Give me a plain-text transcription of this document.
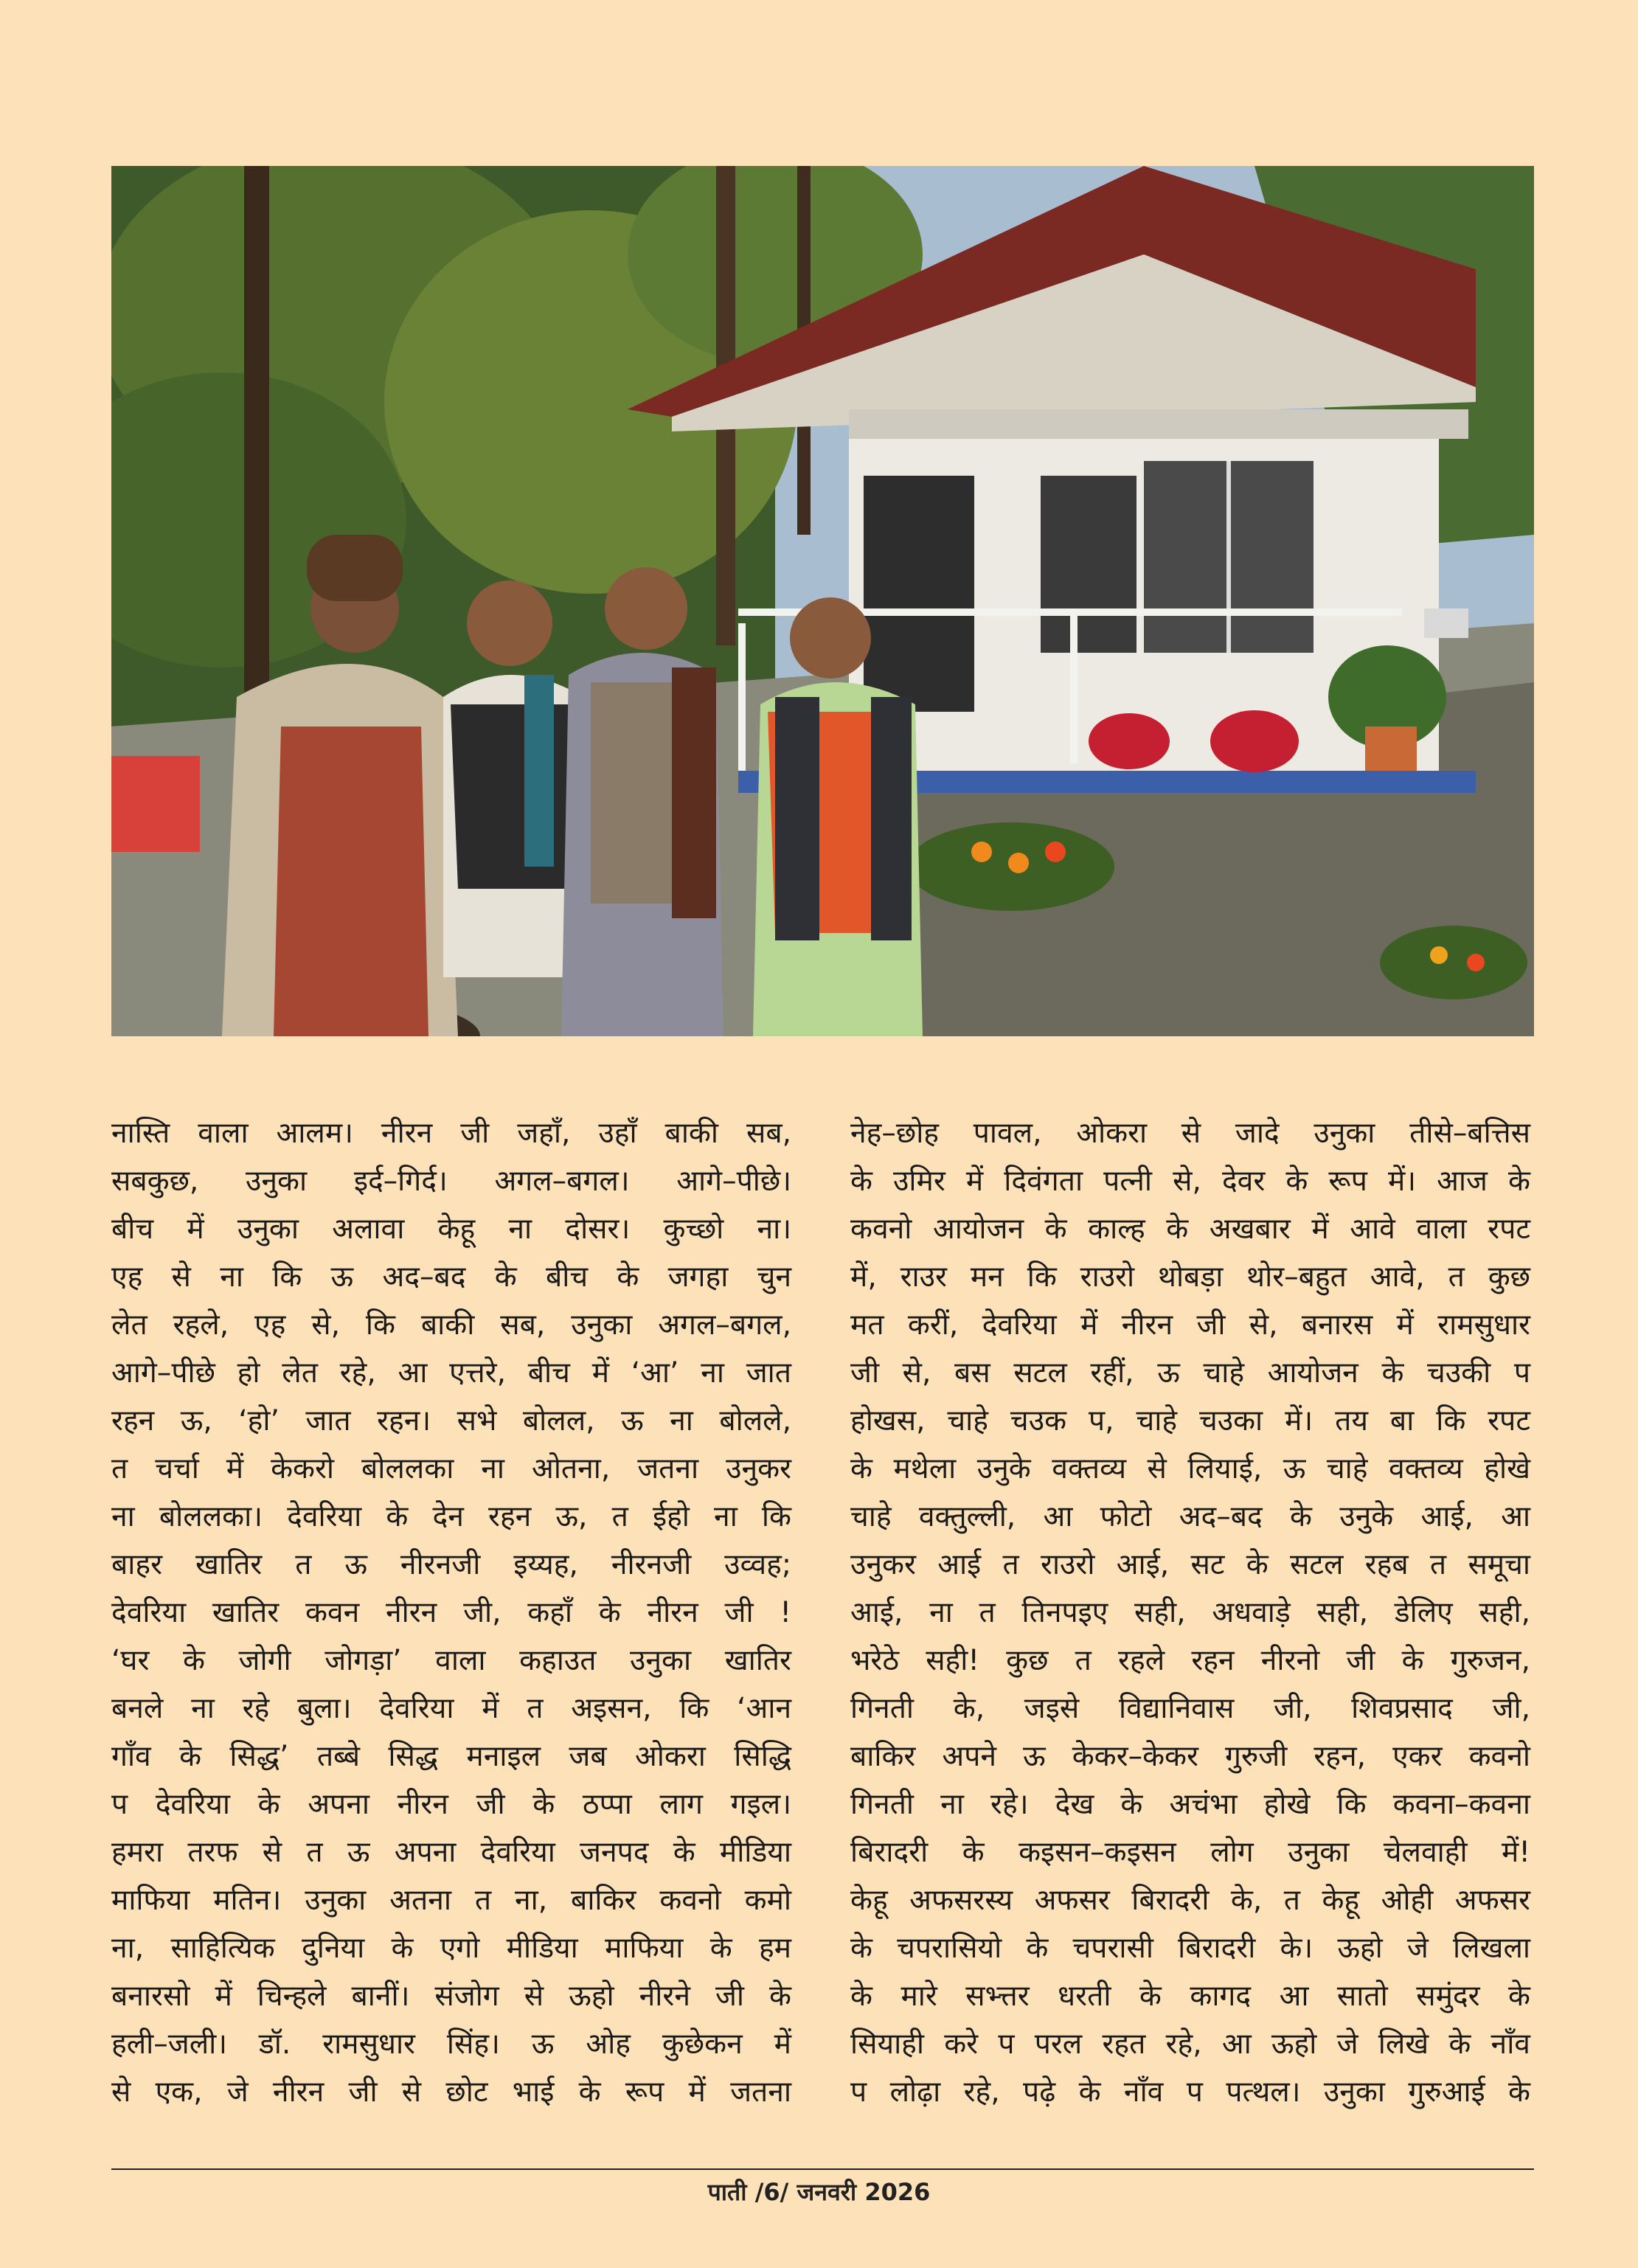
नास्ति वाला आलम। नीरन जी जहाँ, उहाँ बाकी सब,
सबकुछ, उनुका इर्द–गिर्द। अगल–बगल। आगे–पीछे।
बीच में उनुका अलावा केहू ना दोसर। कुच्छो ना।
एह से ना कि ऊ अद–बद के बीच के जगहा चुन
लेत रहले, एह से, कि बाकी सब, उनुका अगल–बगल,
आगे–पीछे हो लेत रहे, आ एत्तरे, बीच में ‘आ’ ना जात
रहन ऊ, ‘हो’ जात रहन। सभे बोलल, ऊ ना बोलले,
त चर्चा में केकरो बोललका ना ओतना, जतना उनुकर
ना बोललका। देवरिया के देन रहन ऊ, त ईहो ना कि
बाहर खातिर त ऊ नीरनजी इय्यह, नीरनजी उव्वह;
देवरिया खातिर कवन नीरन जी, कहाँ के नीरन जी !
‘घर के जोगी जोगड़ा’ वाला कहाउत उनुका खातिर
बनले ना रहे बुला। देवरिया में त अइसन, कि ‘आन
गाँव के सिद्ध’ तब्बे सिद्ध मनाइल जब ओकरा सिद्धि
प देवरिया के अपना नीरन जी के ठप्पा लाग गइल।
हमरा तरफ से त ऊ अपना देवरिया जनपद के मीडिया
माफिया मतिन। उनुका अतना त ना, बाकिर कवनो कमो
ना, साहित्यिक दुनिया के एगो मीडिया माफिया के हम
बनारसो में चिन्हले बानीं। संजोग से ऊहो नीरने जी के
हली–जली। डॉ. रामसुधार सिंह। ऊ ओह कुछेकन में
से एक, जे नीरन जी से छोट भाई के रूप में जतना
नेह–छोह पावल, ओकरा से जादे उनुका तीसे–बत्तिस
के उमिर में दिवंगता पत्नी से, देवर के रूप में। आज के
कवनो आयोजन के काल्ह के अखबार में आवे वाला रपट
में, राउर मन कि राउरो थोबड़ा थोर–बहुत आवे, त कुछ
मत करीं, देवरिया में नीरन जी से, बनारस में रामसुधार
जी से, बस सटल रहीं, ऊ चाहे आयोजन के चउकी प
होखस, चाहे चउक प, चाहे चउका में। तय बा कि रपट
के मथेला उनुके वक्तव्य से लियाई, ऊ चाहे वक्तव्य होखे
चाहे वक्तुल्ली, आ फोटो अद–बद के उनुके आई, आ
उनुकर आई त राउरो आई, सट के सटल रहब त समूचा
आई, ना त तिनपइए सही, अधवाड़े सही, डेलिए सही,
भरेठे सही! कुछ त रहले रहन नीरनो जी के गुरुजन,
गिनती के, जइसे विद्यानिवास जी, शिवप्रसाद जी,
बाकिर अपने ऊ केकर–केकर गुरुजी रहन, एकर कवनो
गिनती ना रहे। देख के अचंभा होखे कि कवना–कवना
बिरादरी के कइसन–कइसन लोग उनुका चेलवाही में!
केहू अफसरस्य अफसर बिरादरी के, त केहू ओही अफसर
के चपरासियो के चपरासी बिरादरी के। ऊहो जे लिखला
के मारे सभ्त्तर धरती के कागद आ सातो समुंदर के
सियाही करे प परल रहत रहे, आ ऊहो जे लिखे के नाँव
प लोढ़ा रहे, पढ़े के नाँव प पत्थल। उनुका गुरुआई के
पाती /6/ जनवरी 2026
